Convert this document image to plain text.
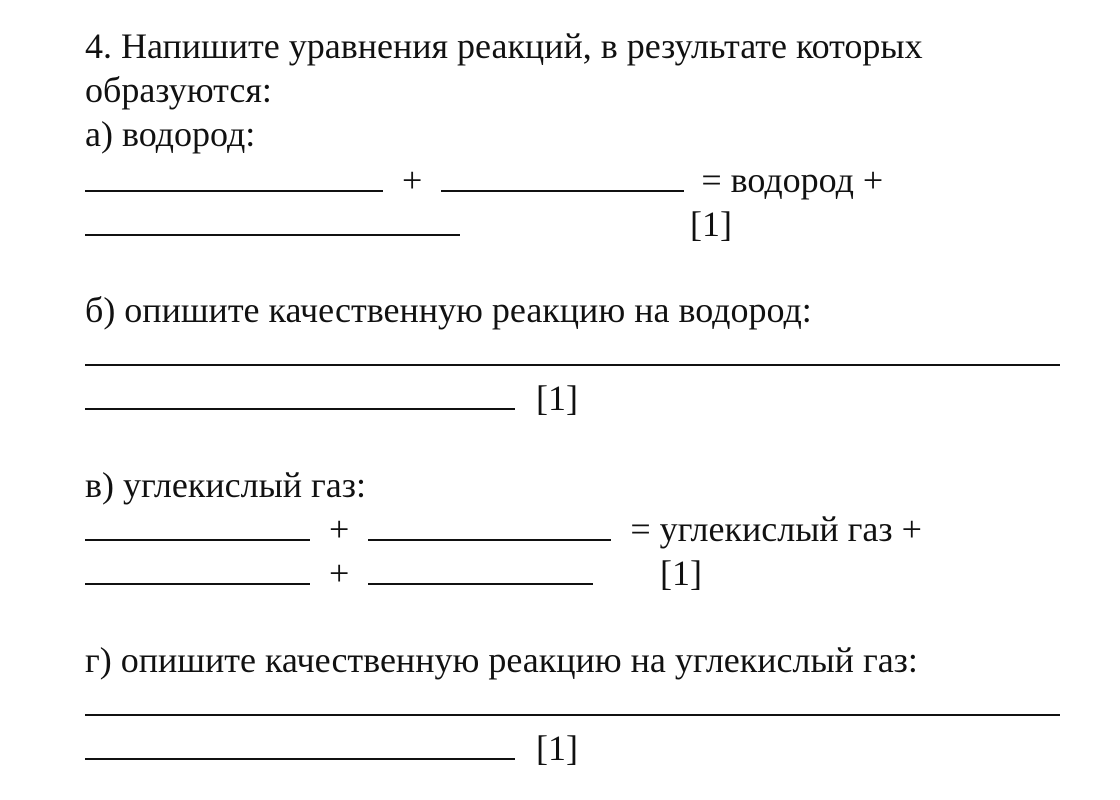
4. Напишите уравнения реакций, в результате которых
образуются:
а) водород:
+	= водород +
[1]
б) опишите качественную реакцию на водород:
[1]
в) углекислый газ:
+	= углекислый газ +
+	[1]
г) опишите качественную реакцию на углекислый газ:
[1]
